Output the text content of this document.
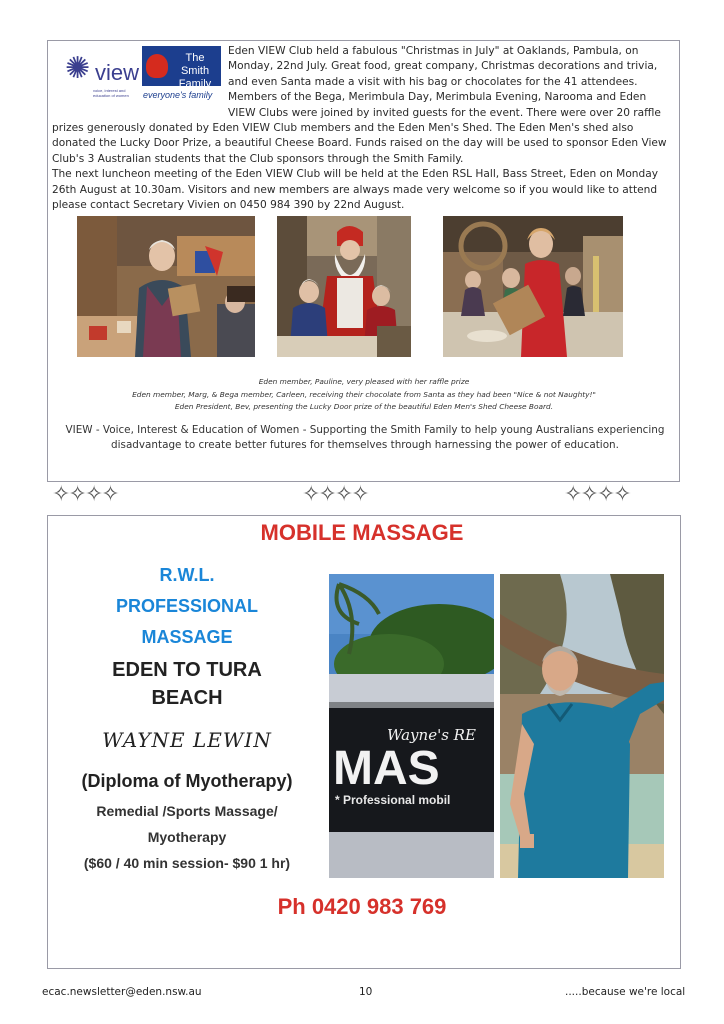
✺ view
voice, interest and education of women
The Smith Family
everyone's family

Eden VIEW Club held a fabulous "Christmas in July" at Oaklands, Pambula, on Monday, 22nd July. Great food, great company, Christmas decorations and trivia, and even Santa made a visit with his bag or chocolates for the 41 attendees. Members of the Bega, Merimbula Day, Merimbula Evening, Narooma and Eden VIEW Clubs were joined by invited guests for the event. There were over 20 raffle prizes generously donated by Eden VIEW Club members and the Eden Men's Shed. The Eden Men's shed also donated the Lucky Door Prize, a beautiful Cheese Board. Funds raised on the day will be used to sponsor Eden View Club's 3 Australian students that the Club sponsors through the Smith Family.

The next luncheon meeting of the Eden VIEW Club will be held at the Eden RSL Hall, Bass Street, Eden on Monday 26th August at 10.30am. Visitors and new members are always made very welcome so if you would like to attend please contact Secretary Vivien on 0450 984 390 by 22nd August.

Eden member, Pauline, very pleased with her raffle prize
Eden member, Marg, & Bega member, Carleen, receiving their chocolate from Santa as they had been "Nice & not Naughty!"
Eden President, Bev, presenting the Lucky Door prize of the beautiful Eden Men's Shed Cheese Board.
VIEW - Voice, Interest & Education of Women - Supporting the Smith Family to help young Australians experiencing disadvantage to create better futures for themselves through harnessing the power of education.
✧✧✧✧	✧✧✧✧	✧✧✧✧
MOBILE MASSAGE
R.W.L.
PROFESSIONAL
MASSAGE
EDEN TO TURA
BEACH
WAYNE LEWIN
(Diploma of Myotherapy)
Remedial /Sports Massage/
Myotherapy
($60 / 40 min session- $90 1 hr)
Wayne's RE
MAS
* Professional mobil
Ph 0420 983 769
ecac.newsletter@eden.nsw.au	10	.....because we're local
